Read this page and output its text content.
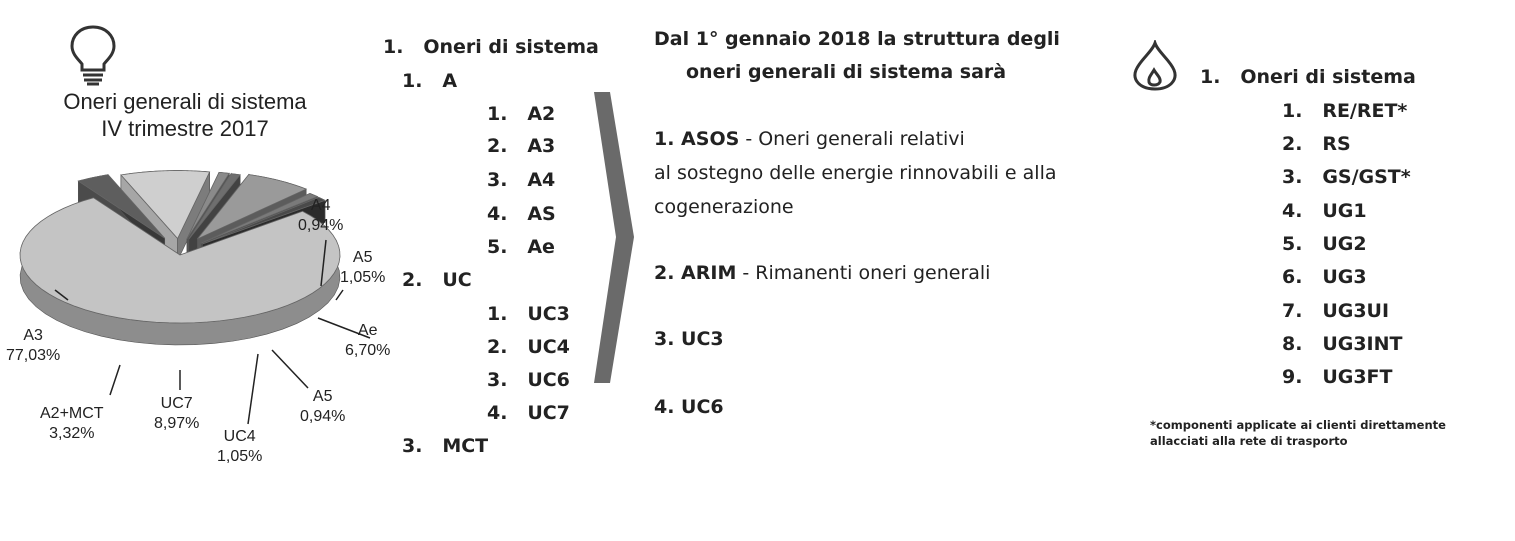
Oneri generali di sistema
IV trimestre 2017
A4
0,94%
A5
1,05%
Ae
6,70%
A5
0,94%
UC4
1,05%
UC7
8,97%
A2+MCT
3,32%
A3
77,03%
1. Oneri di sistema
1. A
1. A2
2. A3
3. A4
4. AS
5. Ae
2. UC
1. UC3
2. UC4
3. UC6
4. UC7
3. MCT
Dal 1° gennaio 2018 la struttura degli
oneri generali di sistema sarà
1. ASOS - Oneri generali relativi
al sostegno delle energie rinnovabili e alla
cogenerazione
2. ARIM - Rimanenti oneri generali
3. UC3
4. UC6
1. Oneri di sistema
1. RE/RET*
2. RS
3. GS/GST*
4. UG1
5. UG2
6. UG3
7. UG3UI
8. UG3INT
9. UG3FT
*componenti applicate ai clienti direttamente
allacciati alla rete di trasporto
